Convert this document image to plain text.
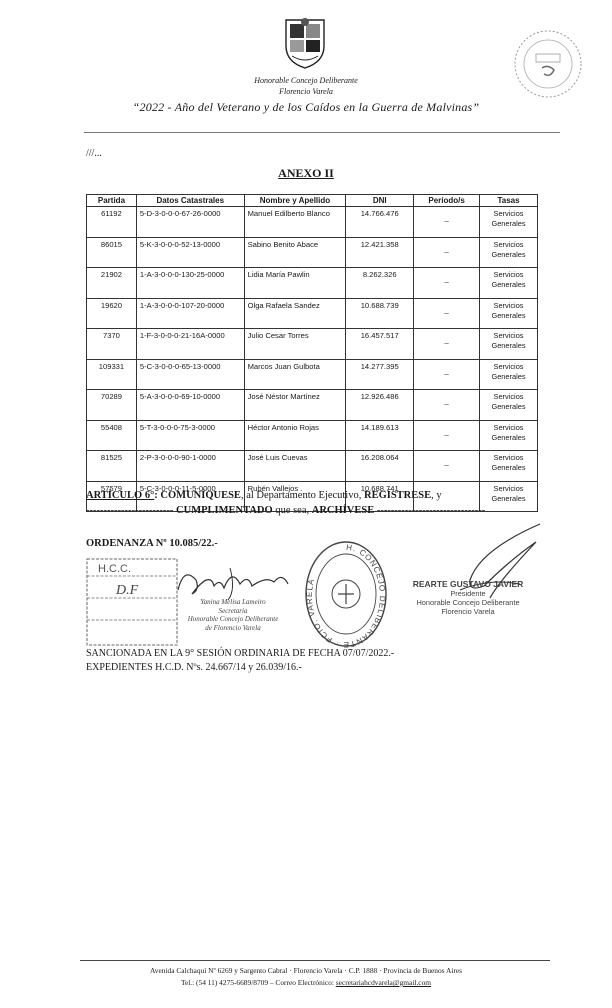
Honorable Concejo Deliberante
Florencio Varela
“2022 - Año del Veterano y de los Caídos en la Guerra de Malvinas”
///...
ANEXO II
Partida	Datos Catastrales	Nombre y Apellido	DNI	Período/s	Tasas
61192	5-D-3-0-0-0-67-26-0000	Manuel Edilberto Blanco	14.766.476	_	Servicios Generales
86015	5-K-3-0-0-0-52-13-0000	Sabino Benito Abace	12.421.358	_	Servicios Generales
21902	1-A-3-0-0-0-130-25-0000	Lidia María Pawlin	8.262.326	_	Servicios Generales
19620	1-A-3-0-0-0-107-20-0000	Olga Rafaela Sandez	10.688.739	_	Servicios Generales
7370	1-F-3-0-0-0-21-16A-0000	Julio Cesar Torres	16.457.517	_	Servicios Generales
109331	5-C-3-0-0-0-65-13-0000	Marcos Juan Gulbota	14.277.395	_	Servicios Generales
70289	5-A-3-0-0-0-69-10-0000	José Néstor Martínez	12.926.486	_	Servicios Generales
55408	5-T-3-0-0-0-75-3-0000	Héctor Antonio Rojas	14.189.613	_	Servicios Generales
81525	2-P-3-0-0-0-90-1-0000	José Luis Cuevas	16.208.064	_	Servicios Generales
57579	5-C-3-0-0-0-11-5-0000	Rubén Vallejos .	10.688.741		Servicios Generales
ARTÍCULO 6°: COMUNÍQUESE, al Departamento Ejecutivo, REGÍSTRESE, y
------------------------- CUMPLIMENTADO que sea, ARCHÍVESE -------------------------------
ORDENANZA Nº 10.085/22.-
H.C.C.
D.F
Yanina Melisa Lameiro
Secretaria
Honorable Concejo Deliberante
de Florencio Varela
H. CONCEJO DELIBERANTE · FCIO. VARELA	REARTE GUSTAVO JAVIER
Presidente
Honorable Concejo Deliberante
Florencio Varela
SANCIONADA EN LA 9° SESIÓN ORDINARIA DE FECHA 07/07/2022.-
EXPEDIENTES H.C.D. Nºs. 24.667/14 y 26.039/16.-
Avenida Calchaquí Nº 6269 y Sargento Cabral · Florencio Varela · C.P. 1888 · Provincia de Buenos Aires
Tel.: (54 11) 4275-6689/8709 – Correo Electrónico: secretariahcdvarela@gmail.com
